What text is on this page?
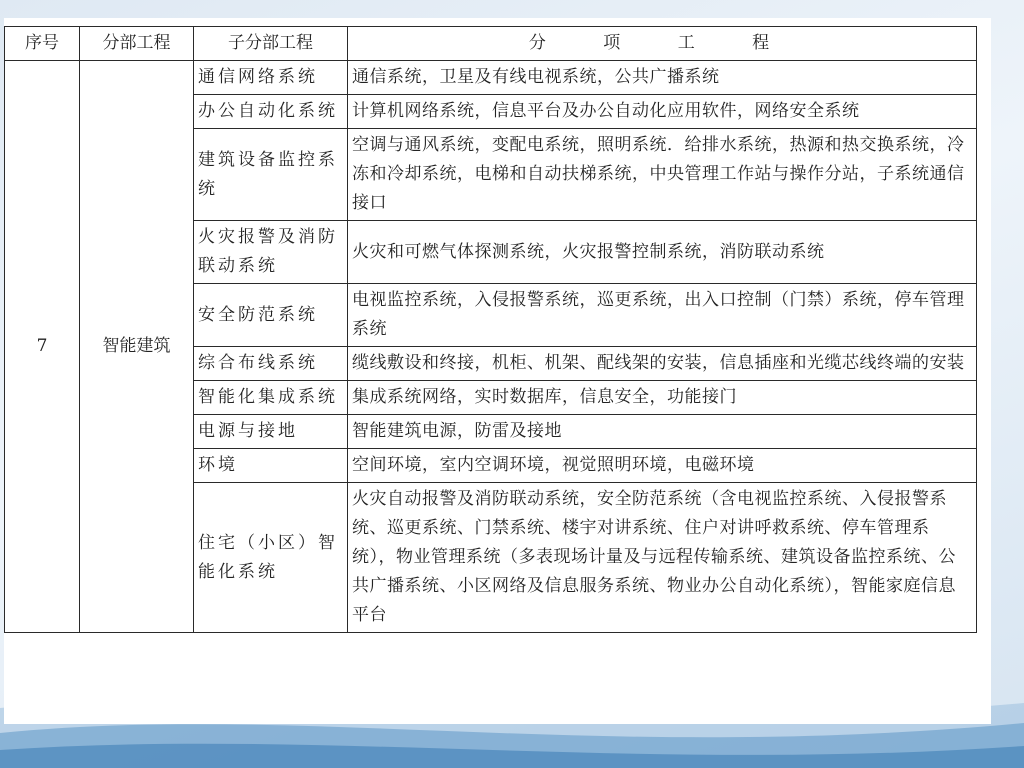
序号	分部工程	子分部工程	分 项 工 程
7	智能建筑	通信网络系统	通信系统，卫星及有线电视系统，公共广播系统
		办公自动化系统	计算机网络系统，信息平台及办公自动化应用软件，网络安全系统
		建筑设备监控系统	空调与通风系统，变配电系统，照明系统．给排水系统，热源和热交换系统，冷冻和冷却系统，电梯和自动扶梯系统，中央管理工作站与操作分站，子系统通信接口
		火灾报警及消防联动系统	火灾和可燃气体探测系统，火灾报警控制系统，消防联动系统
		安全防范系统	电视监控系统，入侵报警系统，巡更系统，出入口控制（门禁）系统，停车管理系统
		综合布线系统	缆线敷设和终接，机柜、机架、配线架的安装，信息插座和光缆芯线终端的安装
		智能化集成系统	集成系统网络，实时数据库，信息安全，功能接门
		电源与接地	智能建筑电源，防雷及接地
		环境	空间环境，室内空调环境，视觉照明环境，电磁环境
		住宅（小区）智能化系统	火灾自动报警及消防联动系统，安全防范系统（含电视监控系统、入侵报警系统、巡更系统、门禁系统、楼宇对讲系统、住户对讲呼救系统、停车管理系统），物业管理系统（多表现场计量及与远程传输系统、建筑设备监控系统、公共广播系统、小区网络及信息服务系统、物业办公自动化系统），智能家庭信息平台
